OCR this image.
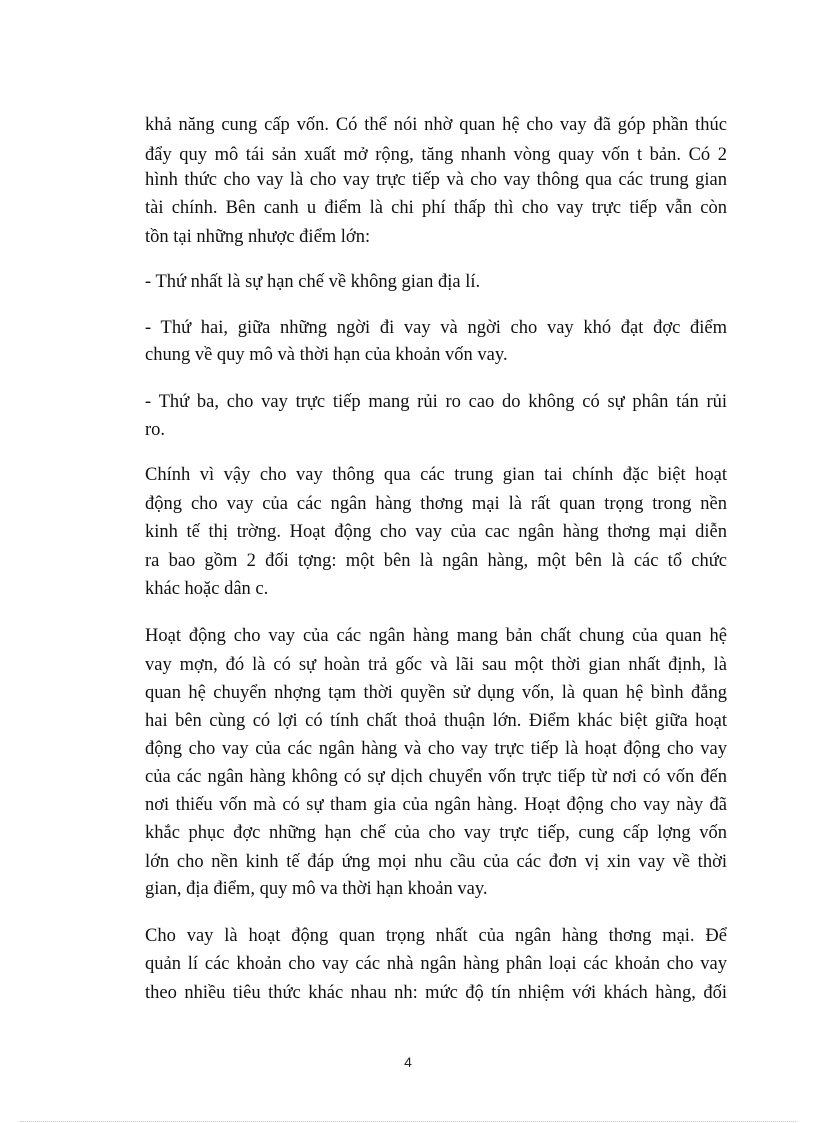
khả năng cung cấp vốn. Có thể nói nhờ quan hệ cho vay đã góp phần thúc
đẩy quy mô tái sản xuất mở rộng, tăng nhanh vòng quay vốn t bản. Có 2
hình thức cho vay là cho vay trực tiếp và cho vay thông qua các trung gian
tài chính. Bên canh u điểm là chi phí thấp thì cho vay trực tiếp vẫn còn
tồn tại những nhược điểm lớn:
- Thứ nhất là sự hạn chế về không gian địa lí.
- Thứ hai, giữa những ngời đi vay và ngời cho vay khó đạt đợc điểm
chung về quy mô và thời hạn của khoản vốn vay.
- Thứ ba, cho vay trực tiếp mang rủi ro cao do không có sự phân tán rủi
ro.
Chính vì vậy cho vay thông qua các trung gian tai chính đặc biệt hoạt
động cho vay của các ngân hàng thơng mại là rất quan trọng trong nền
kinh tế thị trờng. Hoạt động cho vay của cac ngân hàng thơng mại diễn
ra bao gồm 2 đối tợng: một bên là ngân hàng, một bên là các tổ chức
khác hoặc dân c.
Hoạt động cho vay của các ngân hàng mang bản chất chung của quan hệ
vay mợn, đó là có sự hoàn trả gốc và lãi sau một thời gian nhất định, là
quan hệ chuyển nhợng tạm thời quyền sử dụng vốn, là quan hệ bình đẳng
hai bên cùng có lợi có tính chất thoả thuận lớn. Điểm khác biệt giữa hoạt
động cho vay của các ngân hàng và cho vay trực tiếp là hoạt động cho vay
của các ngân hàng không có sự dịch chuyển vốn trực tiếp từ nơi có vốn đến
nơi thiếu vốn mà có sự tham gia của ngân hàng. Hoạt động cho vay này đã
khắc phục đợc những hạn chế của cho vay trực tiếp, cung cấp lợng vốn
lớn cho nền kinh tế đáp ứng mọi nhu cầu của các đơn vị xin vay về thời
gian, địa điểm, quy mô va thời hạn khoản vay.
Cho vay là hoạt động quan trọng nhất của ngân hàng thơng mại. Để
quản lí các khoản cho vay các nhà ngân hàng phân loại các khoản cho vay
theo nhiều tiêu thức khác nhau nh: mức độ tín nhiệm với khách hàng, đối
4
